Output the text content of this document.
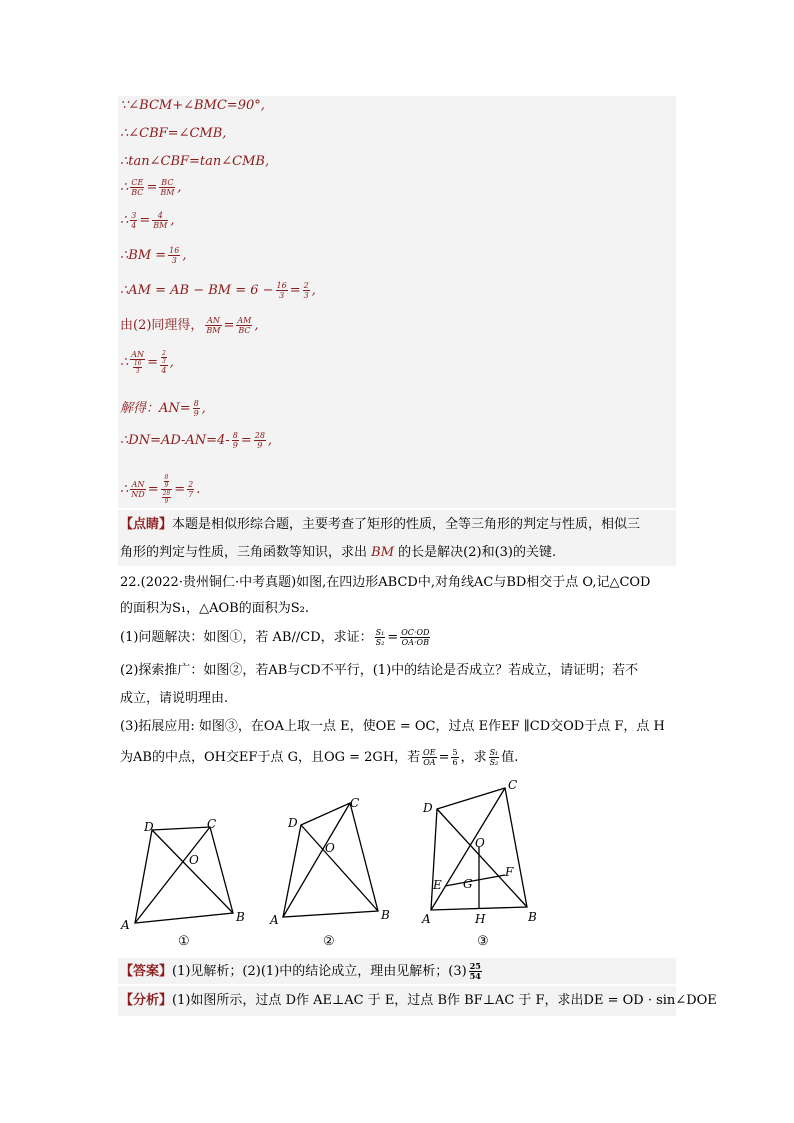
∵∠BCM+∠BMC=90°,
∴∠CBF=∠CMB,
∴tan∠CBF=tan∠CMB,
∴ $\frac{CE}{BC} = \frac{BC}{BM}$ ,
∴ $\frac{3}{4} = \frac{4}{BM}$ ,
∴BM = $\frac{16}{3}$ ,
∴AM = AB − BM = $6 - \frac{16}{3} = \frac{2}{3}$ ,
由(2)同理得， $\frac{AN}{BM} = \frac{AM}{BC}$ ,
∴ $\frac{AN}{\frac{16}{3}} = \frac{\frac{2}{3}}{4}$ ,
解得：$AN= \frac{8}{9}$ ,
∴DN=AD-AN=4- $\frac{8}{9} = \frac{28}{9}$ ,
∴ $\frac{AN}{ND} = \frac{\frac{8}{9}}{\frac{28}{9}} = \frac{2}{7}$ .
【点睛】本题是相似形综合题，主要考查了矩形的性质，全等三角形的判定与性质，相似三
角形的判定与性质，三角函数等知识，求出 BM 的长是解决(2)和(3)的关键.
22.(2022·贵州铜仁·中考真题)如图,在四边形ABCD中,对角线AC与BD相交于点 O,记△COD
的面积为S₁，△AOB的面积为S₂.
(1)问题解决：如图①，若 AB//CD，求证： $\frac{\text{S₁}}{\text{S₂}} = \frac{OC\cdot OD}{OA\cdot OB}$
(2)探索推广：如图②，若AB与CD不平行，(1)中的结论是否成立？若成立，请证明；若不
成立，请说明理由.
(3)拓展应用: 如图③，在OA上取一点 E，使OE = OC，过点 E作EF ∥CD交OD于点 F，点 H
为AB的中点，OH交EF于点 G，且OG = 2GH，若 $\frac{OE}{OA} = \frac{5}{6}$ ，求 $\frac{\text{S₁}}{\text{S₂}}$ 值.
D	C
O
A
B
D
C
O
A	B
D
C
O
E G
F
A	H	B
①	②	③
【答案】(1)见解析；(2)(1)中的结论成立，理由见解析；$(3) \frac{25}{54}$
【分析】(1)如图所示，过点 D作 AE⊥AC 于 E，过点 B作 BF⊥AC 于 F，求出DE = OD · sin∠DOE
